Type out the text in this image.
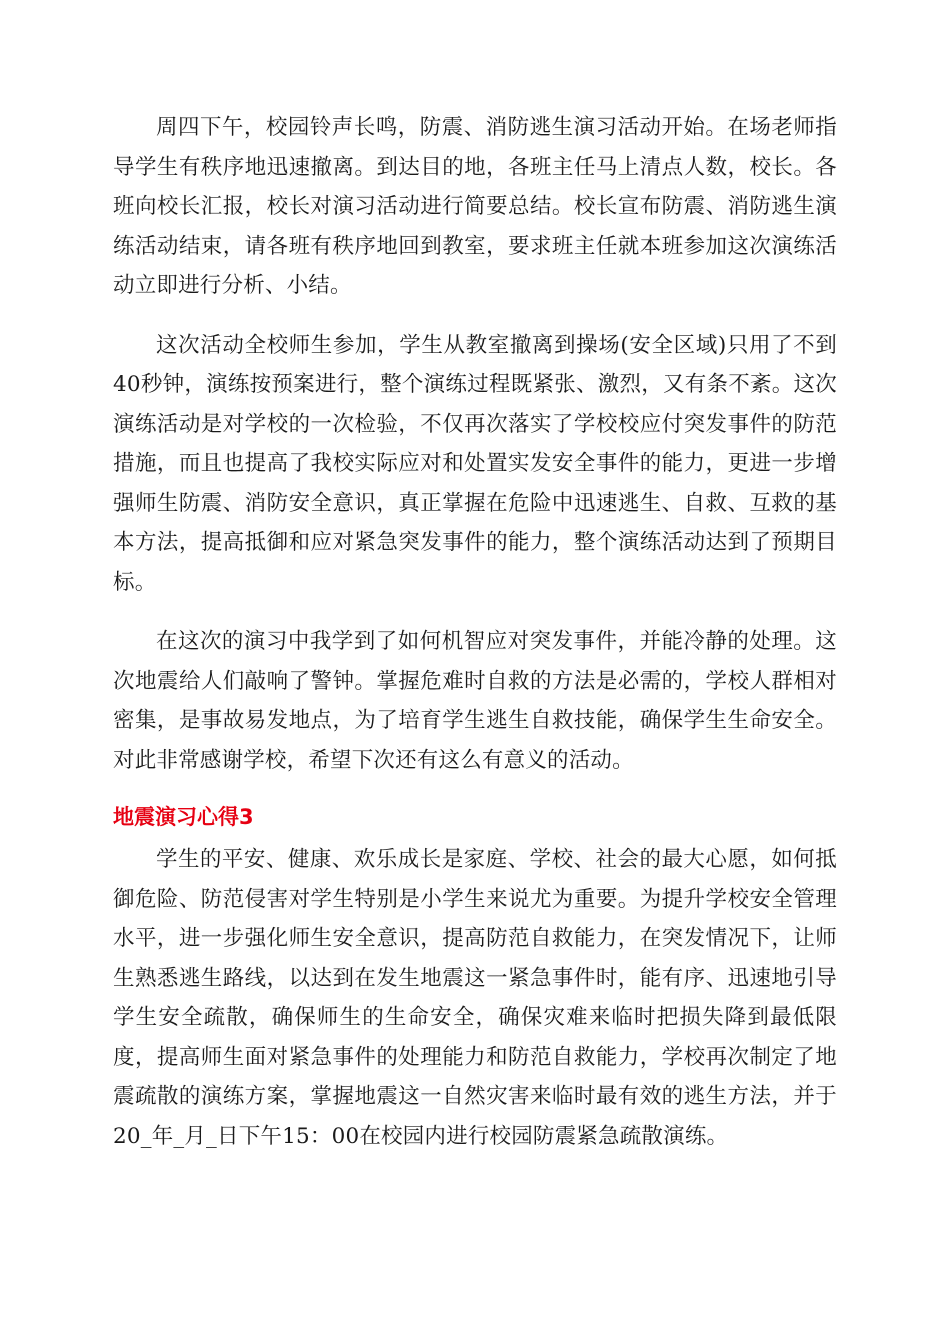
周四下午，校园铃声长鸣，防震、消防逃生演习活动开始。在场老师指导学生有秩序地迅速撤离。到达目的地，各班主任马上清点人数，校长。各班向校长汇报，校长对演习活动进行简要总结。校长宣布防震、消防逃生演练活动结束，请各班有秩序地回到教室，要求班主任就本班参加这次演练活动立即进行分析、小结。

这次活动全校师生参加，学生从教室撤离到操场(安全区域)只用了不到40秒钟，演练按预案进行，整个演练过程既紧张、激烈，又有条不紊。这次演练活动是对学校的一次检验，不仅再次落实了学校校应付突发事件的防范措施，而且也提高了我校实际应对和处置实发安全事件的能力，更进一步增强师生防震、消防安全意识，真正掌握在危险中迅速逃生、自救、互救的基本方法，提高抵御和应对紧急突发事件的能力，整个演练活动达到了预期目标。

在这次的演习中我学到了如何机智应对突发事件，并能冷静的处理。这次地震给人们敲响了警钟。掌握危难时自救的方法是必需的，学校人群相对密集，是事故易发地点，为了培育学生逃生自救技能，确保学生生命安全。对此非常感谢学校，希望下次还有这么有意义的活动。

地震演习心得3

学生的平安、健康、欢乐成长是家庭、学校、社会的最大心愿，如何抵御危险、防范侵害对学生特别是小学生来说尤为重要。为提升学校安全管理水平，进一步强化师生安全意识，提高防范自救能力，在突发情况下，让师生熟悉逃生路线，以达到在发生地震这一紧急事件时，能有序、迅速地引导学生安全疏散，确保师生的生命安全，确保灾难来临时把损失降到最低限度，提高师生面对紧急事件的处理能力和防范自救能力，学校再次制定了地震疏散的演练方案，掌握地震这一自然灾害来临时最有效的逃生方法，并于20_年_月_日下午15：00在校园内进行校园防震紧急疏散演练。
